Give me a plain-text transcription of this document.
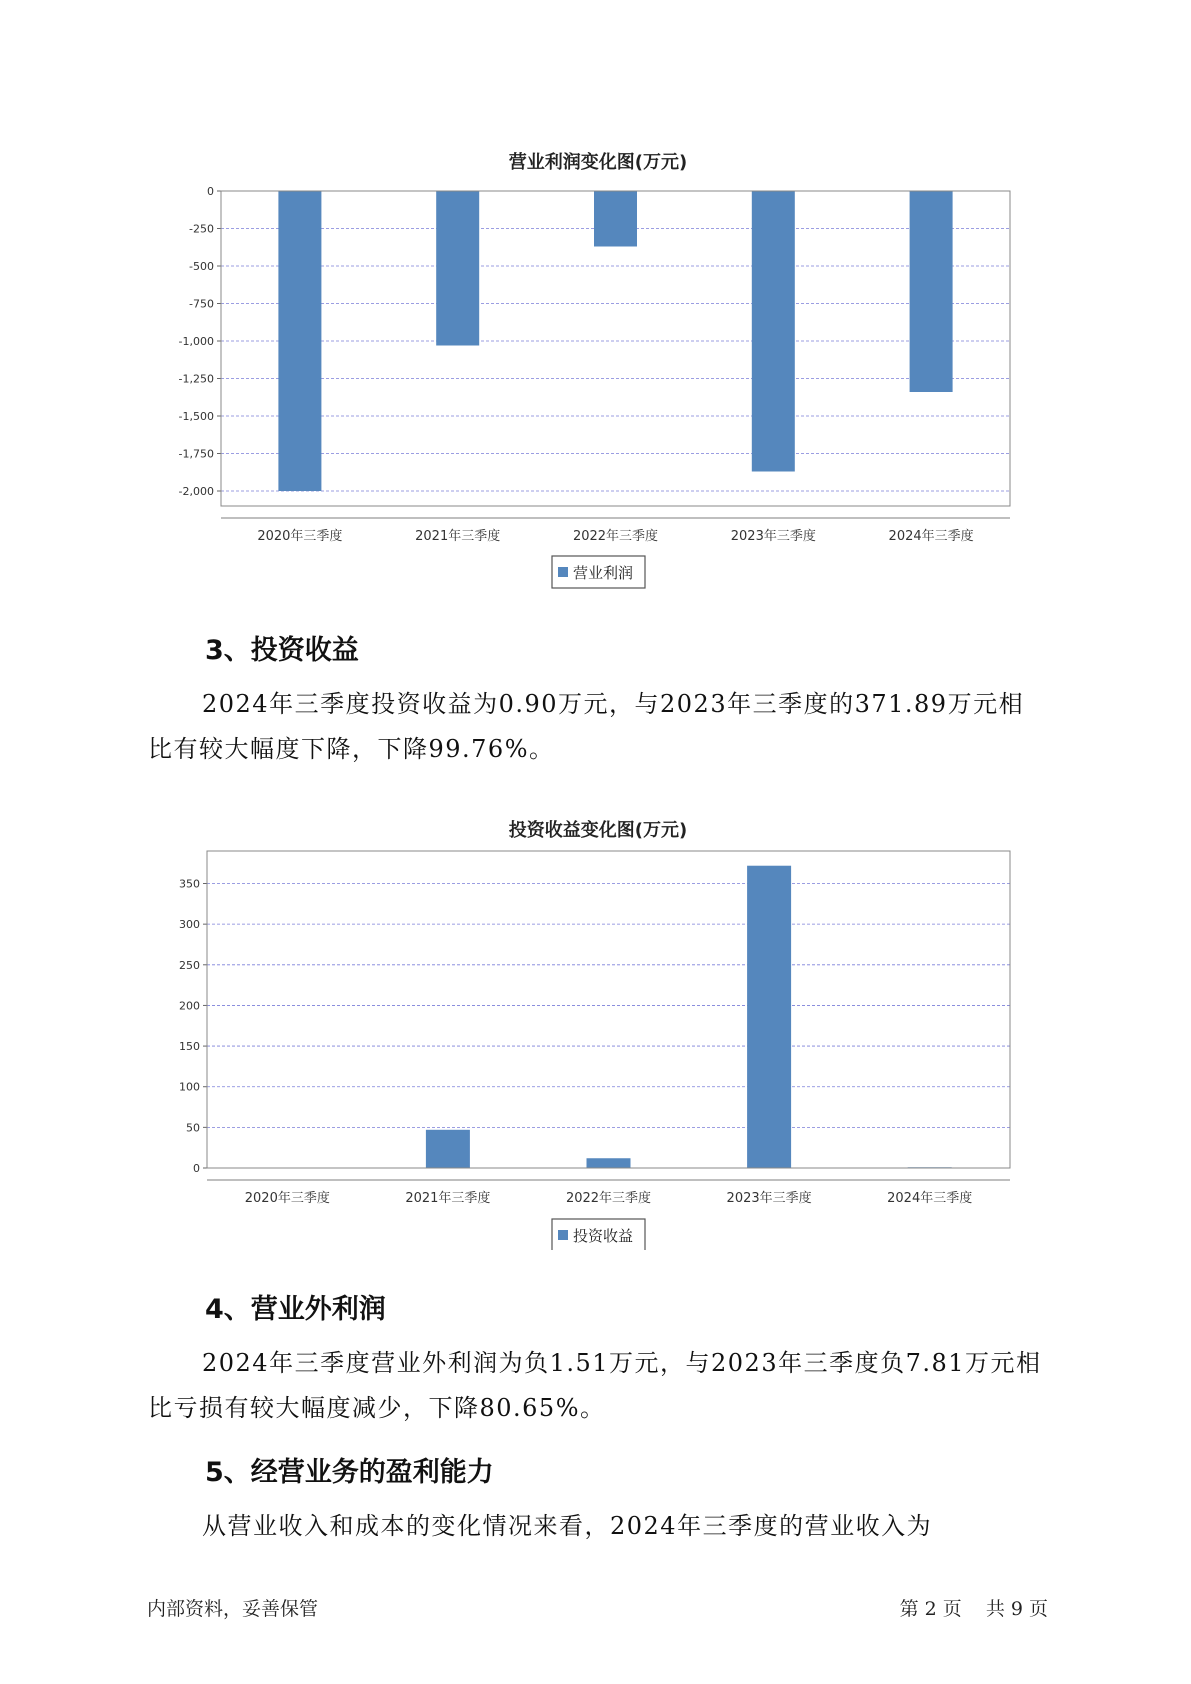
营业利润变化图(万元)
0
-250
-500
-750
-1,000
-1,250
-1,500
-1,750
-2,000
2020年三季度	2021年三季度	2022年三季度	2023年三季度	2024年三季度
营业利润
3、投资收益

2024年三季度投资收益为0.90万元，与2023年三季度的371.89万元相比有较大幅度下降，下降99.76%。

投资收益变化图(万元)
0
50
100
150
200
250
300
350
2020年三季度	2021年三季度	2022年三季度	2023年三季度	2024年三季度
投资收益
4、营业外利润

2024年三季度营业外利润为负1.51万元，与2023年三季度负7.81万元相比亏损有较大幅度减少，下降80.65%。

5、经营业务的盈利能力

从营业收入和成本的变化情况来看，2024年三季度的营业收入为

内部资料，妥善保管	第 2 页 共 9 页
